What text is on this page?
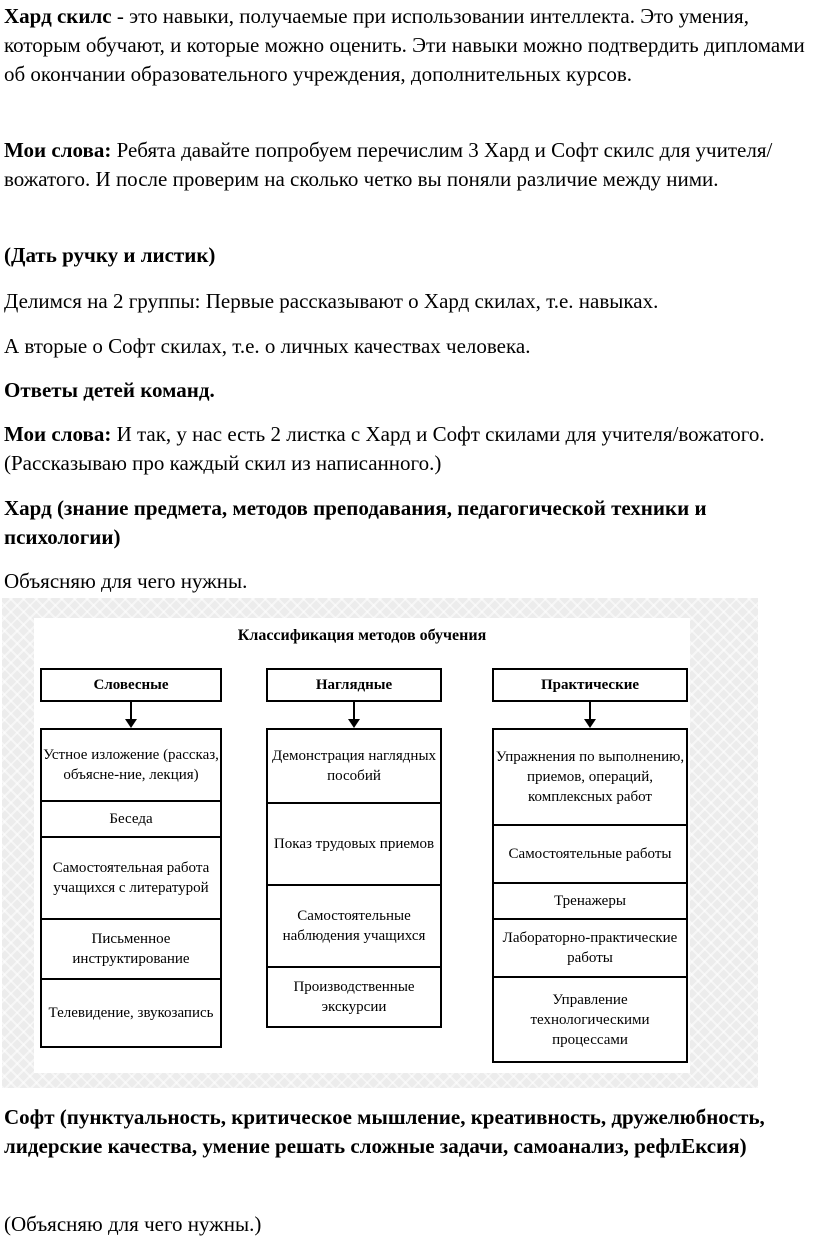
Хард скилс - это навыки, получаемые при использовании интеллекта. Это умения, которым обучают, и которые можно оценить. Эти навыки можно подтвердить дипломами об окончании образовательного учреждения, дополнительных курсов.

Мои слова: Ребята давайте попробуем перечислим 3 Хард и Софт скилс для учителя/вожатого. И после проверим на сколько четко вы поняли различие между ними.

(Дать ручку и листик)

Делимся на 2 группы: Первые рассказывают о Хард скилах, т.е. навыках.

А вторые о Софт скилах, т.е. о личных качествах человека.

Ответы детей команд.

Мои слова: И так, у нас есть 2 листка с Хард и Софт скилами для учителя/вожатого. (Рассказываю про каждый скил из написанного.)

Хард (знание предмета, методов преподавания, педагогической техники и психологии)

Объясняю для чего нужны.

Классификация методов обучения
Словесные
Устное изложение (рассказ, объясне-ние, лекция)
Беседа
Самостоятельная работа учащихся с литературой
Письменное инструктирование
Телевидение, звукозапись
Наглядные
Демонстрация наглядных пособий
Показ трудовых приемов
Самостоятельные наблюдения учащихся
Производственные экскурсии
Практические
Упражнения по выполнению, приемов, операций, комплексных работ
Самостоятельные работы
Тренажеры
Лабораторно-практические работы
Управление технологическими процессами

Софт (пунктуальность, критическое мышление, креативность, дружелюбность, лидерские качества, умение решать сложные задачи, самоанализ, рефлЕксия)

(Объясняю для чего нужны.)
